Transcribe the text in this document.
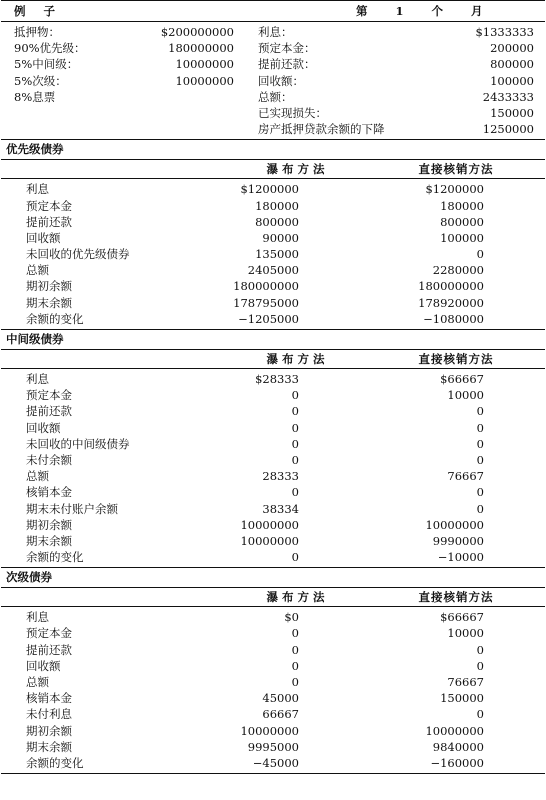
例子	第 1 个 月
抵押物：	$200000000
90%优先级：	180000000
5%中间级：	10000000
5%次级：	10000000
8%息票
利息：	$1333333
预定本金：	200000
提前还款：	800000
回收额：	100000
总额：	2433333
已实现损失：	150000
房产抵押贷款余额的下降	1250000
优先级债券
瀑布方法	直接核销方法
利息	$1200000	$1200000
预定本金	180000	180000
提前还款	800000	800000
回收额	90000	100000
未回收的优先级债券	135000	0
总额	2405000	2280000
期初余额	180000000	180000000
期末余额	178795000	178920000
余额的变化	−1205000	−1080000
中间级债券
瀑布方法	直接核销方法
利息	$28333	$66667
预定本金	0	10000
提前还款	0	0
回收额	0	0
未回收的中间级债券	0	0
未付余额	0	0
总额	28333	76667
核销本金	0	0
期末未付账户余额	38334	0
期初余额	10000000	10000000
期末余额	10000000	9990000
余额的变化	0	−10000
次级债券
瀑布方法	直接核销方法
利息	$0	$66667
预定本金	0	10000
提前还款	0	0
回收额	0	0
总额	0	76667
核销本金	45000	150000
未付利息	66667	0
期初余额	10000000	10000000
期末余额	9995000	9840000
余额的变化	−45000	−160000
